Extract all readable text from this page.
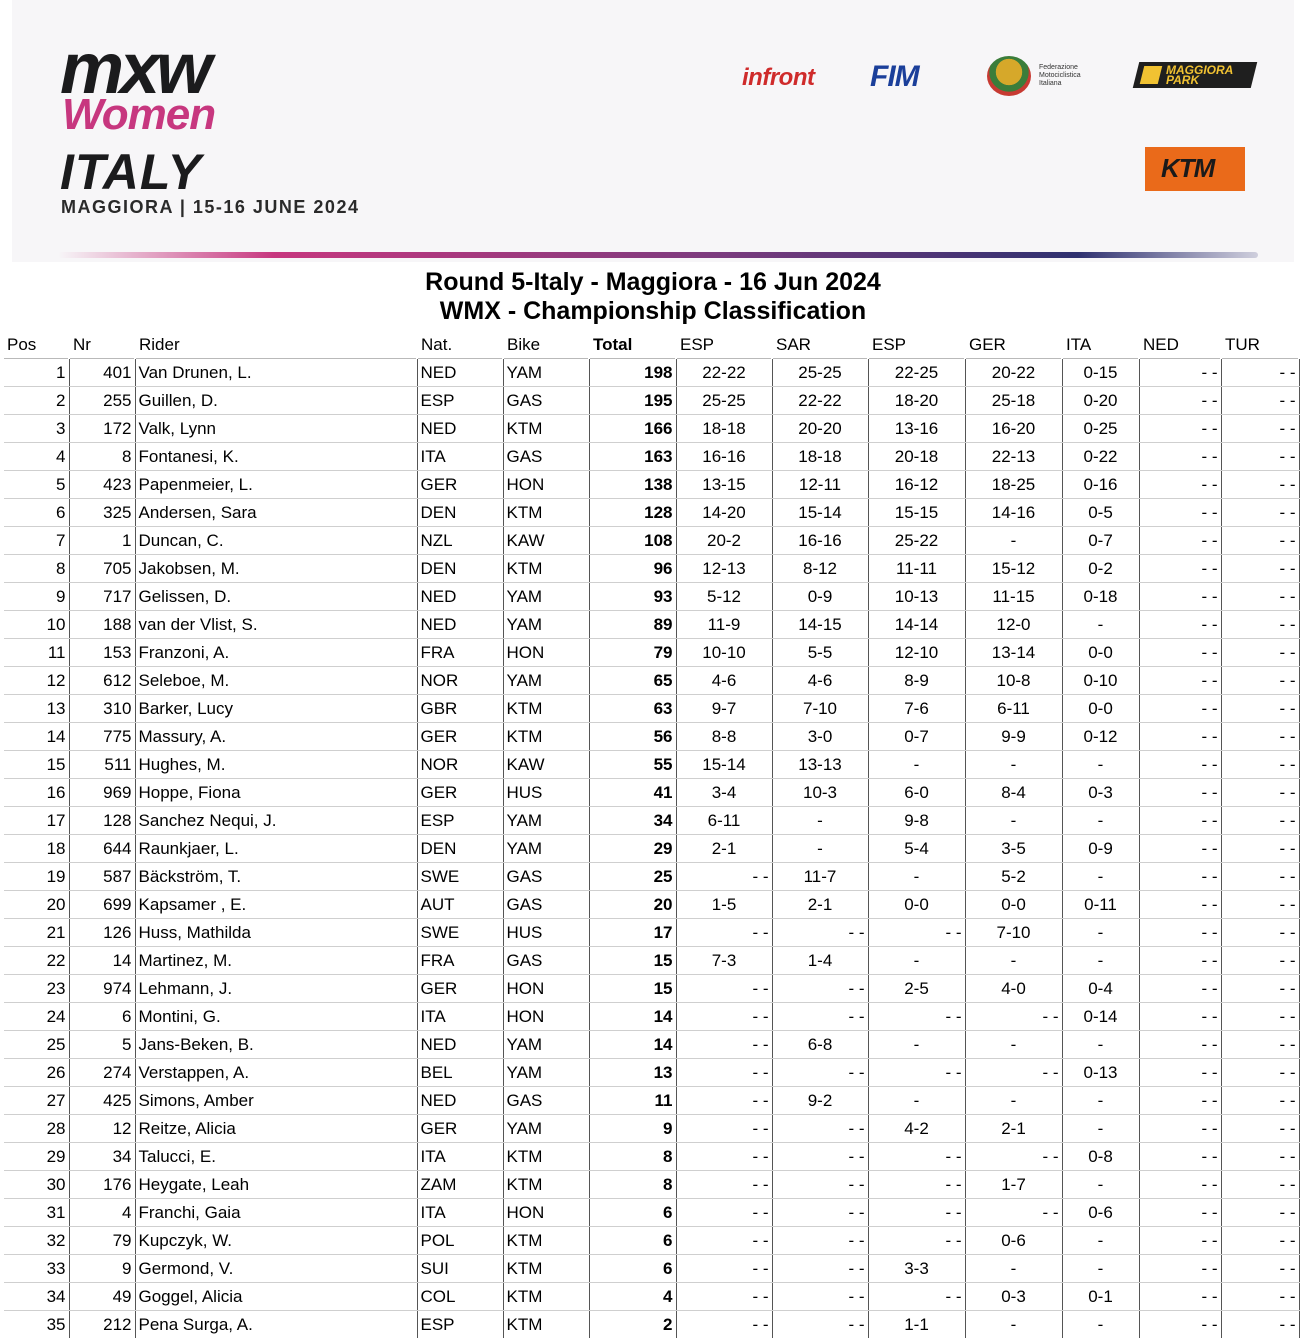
mxw
Women
ITALY
MAGGIORA | 15-16 JUNE 2024
infront FIM	Federazione Motociclistica Italiana
MAGGIORA PARK
KTM
Round 5-Italy - Maggiora - 16 Jun 2024
WMX - Championship Classification
Pos	Nr	Rider	Nat.	Bike	Total	ESP	SAR	ESP	GER	ITA	NED	TUR
1	401	Van Drunen, L.	NED	YAM	198	22-22	25-25	22-25	20-22	0-15	- -	- -
2	255	Guillen, D.	ESP	GAS	195	25-25	22-22	18-20	25-18	0-20	- -	- -
3	172	Valk, Lynn	NED	KTM	166	18-18	20-20	13-16	16-20	0-25	- -	- -
4	8	Fontanesi, K.	ITA	GAS	163	16-16	18-18	20-18	22-13	0-22	- -	- -
5	423	Papenmeier, L.	GER	HON	138	13-15	12-11	16-12	18-25	0-16	- -	- -
6	325	Andersen, Sara	DEN	KTM	128	14-20	15-14	15-15	14-16	0-5	- -	- -
7	1	Duncan, C.	NZL	KAW	108	20-2	16-16	25-22	-	0-7	- -	- -
8	705	Jakobsen, M.	DEN	KTM	96	12-13	8-12	11-11	15-12	0-2	- -	- -
9	717	Gelissen, D.	NED	YAM	93	5-12	0-9	10-13	11-15	0-18	- -	- -
10	188	van der Vlist, S.	NED	YAM	89	11-9	14-15	14-14	12-0	-	- -	- -
11	153	Franzoni, A.	FRA	HON	79	10-10	5-5	12-10	13-14	0-0	- -	- -
12	612	Seleboe, M.	NOR	YAM	65	4-6	4-6	8-9	10-8	0-10	- -	- -
13	310	Barker, Lucy	GBR	KTM	63	9-7	7-10	7-6	6-11	0-0	- -	- -
14	775	Massury, A.	GER	KTM	56	8-8	3-0	0-7	9-9	0-12	- -	- -
15	511	Hughes, M.	NOR	KAW	55	15-14	13-13	-	-	-	- -	- -
16	969	Hoppe, Fiona	GER	HUS	41	3-4	10-3	6-0	8-4	0-3	- -	- -
17	128	Sanchez Nequi, J.	ESP	YAM	34	6-11	-	9-8	-	-	- -	- -
18	644	Raunkjaer, L.	DEN	YAM	29	2-1	-	5-4	3-5	0-9	- -	- -
19	587	Bäckström, T.	SWE	GAS	25	- -	11-7	-	5-2	-	- -	- -
20	699	Kapsamer , E.	AUT	GAS	20	1-5	2-1	0-0	0-0	0-11	- -	- -
21	126	Huss, Mathilda	SWE	HUS	17	- -	- -	- -	7-10	-	- -	- -
22	14	Martinez, M.	FRA	GAS	15	7-3	1-4	-	-	-	- -	- -
23	974	Lehmann, J.	GER	HON	15	- -	- -	2-5	4-0	0-4	- -	- -
24	6	Montini, G.	ITA	HON	14	- -	- -	- -	- -	0-14	- -	- -
25	5	Jans-Beken, B.	NED	YAM	14	- -	6-8	-	-	-	- -	- -
26	274	Verstappen, A.	BEL	YAM	13	- -	- -	- -	- -	0-13	- -	- -
27	425	Simons, Amber	NED	GAS	11	- -	9-2	-	-	-	- -	- -
28	12	Reitze, Alicia	GER	YAM	9	- -	- -	4-2	2-1	-	- -	- -
29	34	Talucci, E.	ITA	KTM	8	- -	- -	- -	- -	0-8	- -	- -
30	176	Heygate, Leah	ZAM	KTM	8	- -	- -	- -	1-7	-	- -	- -
31	4	Franchi, Gaia	ITA	HON	6	- -	- -	- -	- -	0-6	- -	- -
32	79	Kupczyk, W.	POL	KTM	6	- -	- -	- -	0-6	-	- -	- -
33	9	Germond, V.	SUI	KTM	6	- -	- -	3-3	-	-	- -	- -
34	49	Goggel, Alicia	COL	KTM	4	- -	- -	- -	0-3	0-1	- -	- -
35	212	Pena Surga, A.	ESP	KTM	2	- -	- -	1-1	-	-	- -	- -
